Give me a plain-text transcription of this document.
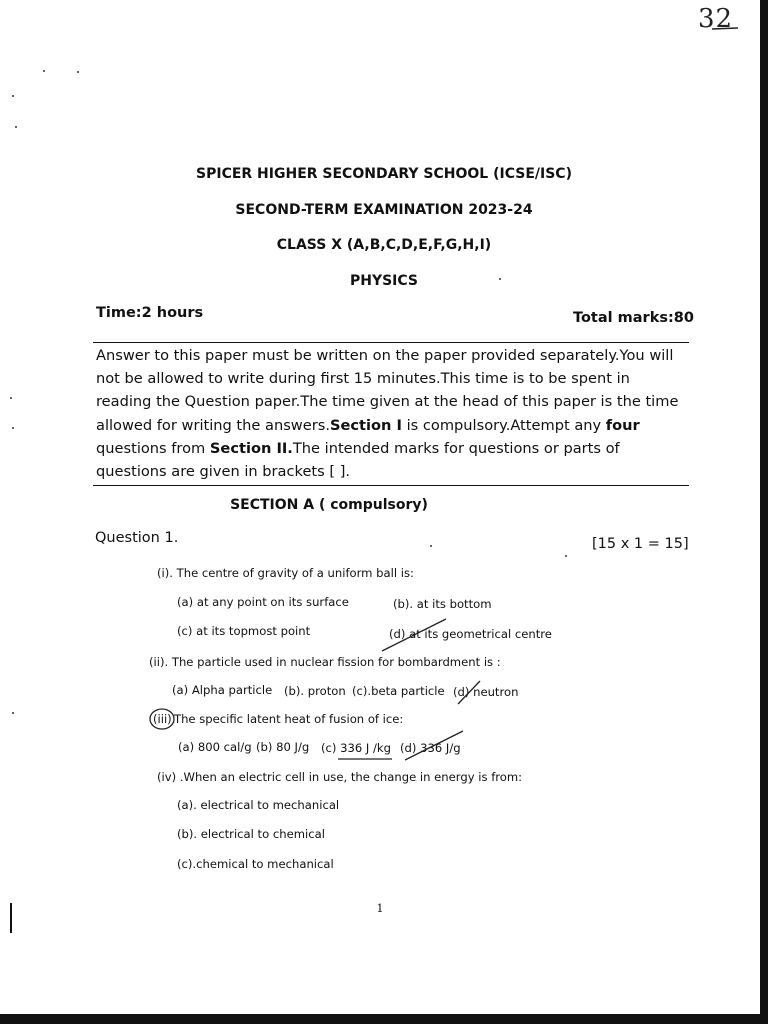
32
SPICER HIGHER SECONDARY SCHOOL (ICSE/ISC)
SECOND-TERM EXAMINATION 2023-24
CLASS X (A,B,C,D,E,F,G,H,I)
PHYSICS
Time:2 hours	Total marks:80
Answer to this paper must be written on the paper provided separately.You will not be allowed to write during first 15 minutes.This time is to be spent in reading the Question paper.The time given at the head of this paper is the time allowed for writing the answers.Section I is compulsory.Attempt any four questions from Section II.The intended marks for questions or parts of questions are given in brackets [ ].
SECTION A ( compulsory)
Question 1.	[15 x 1 = 15]
(i). The centre of gravity of a uniform ball is:
(a) at any point on its surface	(b). at its bottom
(c) at its topmost point	(d) at its geometrical centre
(ii). The particle used in nuclear fission for bombardment is :
(a) Alpha particle (b). proton (c).beta particle (d) neutron
(iii).
The specific latent heat of fusion of ice:
(a) 800 cal/g (b) 80 J/g (c) 336 J /kg (d) 336 J/g
(iv) .When an electric cell in use, the change in energy is from:
(a). electrical to mechanical
(b). electrical to chemical
(c).chemical to mechanical
1
